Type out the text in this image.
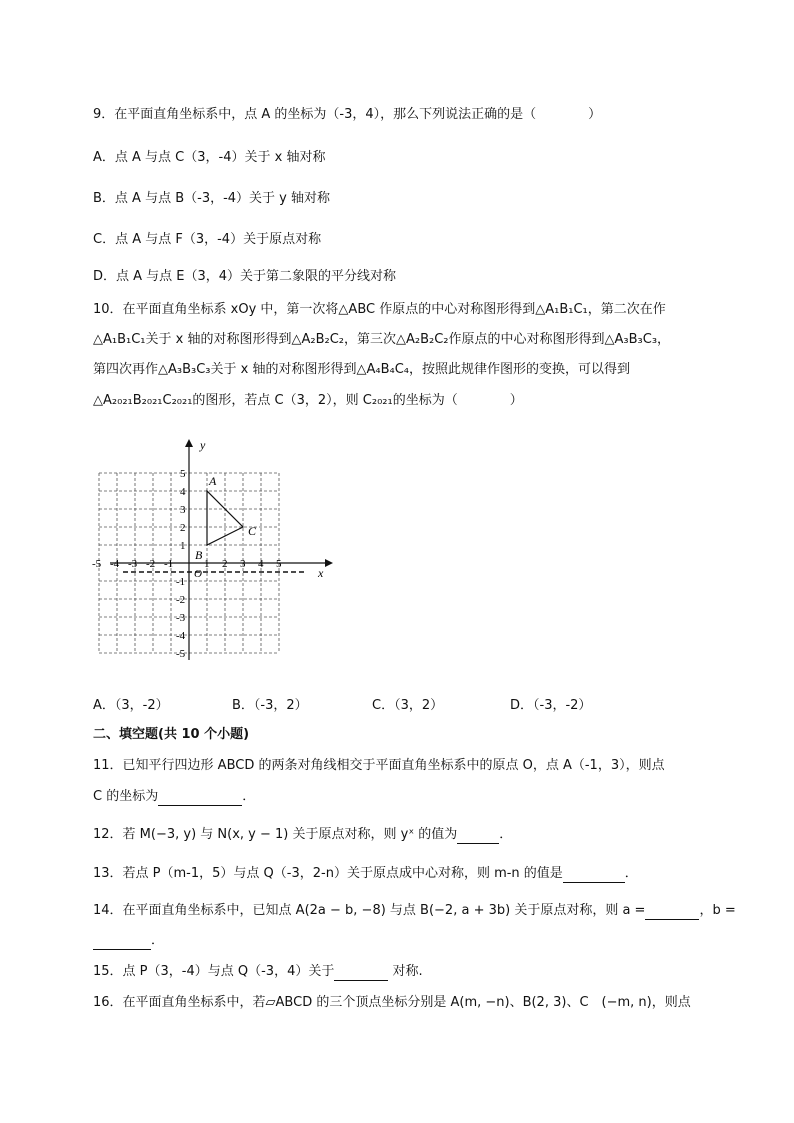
9．在平面直角坐标系中，点 A 的坐标为（-3，4），那么下列说法正确的是（　　　　）
A．点 A 与点 C（3，-4）关于 x 轴对称
B．点 A 与点 B（-3，-4）关于 y 轴对称
C．点 A 与点 F（3，-4）关于原点对称
D．点 A 与点 E（3，4）关于第二象限的平分线对称
10．在平面直角坐标系 xOy 中，第一次将△ABC 作原点的中心对称图形得到△A₁B₁C₁，第二次在作
△A₁B₁C₁关于 x 轴的对称图形得到△A₂B₂C₂，第三次△A₂B₂C₂作原点的中心对称图形得到△A₃B₃C₃，
第四次再作△A₃B₃C₃关于 x 轴的对称图形得到△A₄B₄C₄，按照此规律作图形的变换，可以得到
△A₂₀₂₁B₂₀₂₁C₂₀₂₁的图形，若点 C（3，2），则 C₂₀₂₁的坐标为（　　　　）
-5 -4 -3 -2 -1	1 2 3 4 5
5
4
3
2
1
-1
-2
-3
-4
-5
x
y
O
A
B
C
A．（3，-2）	B．（-3，2）	C．（3，2）	D．（-3，-2）
二、填空题(共 10 个小题)
11．已知平行四边形 ABCD 的两条对角线相交于平面直角坐标系中的原点 O，点 A（-1，3），则点
C 的坐标为	．
12．若 M(−3, y) 与 N(x, y − 1) 关于原点对称，则 yˣ 的值为	．
13．若点 P（m-1，5）与点 Q（-3，2-n）关于原点成中心对称，则 m-n 的值是	．
14．在平面直角坐标系中，已知点 A(2a − b, −8) 与点 B(−2, a + 3b) 关于原点对称，则 a =	，b =
．
15．点 P（3，-4）与点 Q（-3，4）关于	对称.
16．在平面直角坐标系中，若▱ABCD 的三个顶点坐标分别是 A(m, −n)、B(2, 3)、C　(−m, n)，则点
